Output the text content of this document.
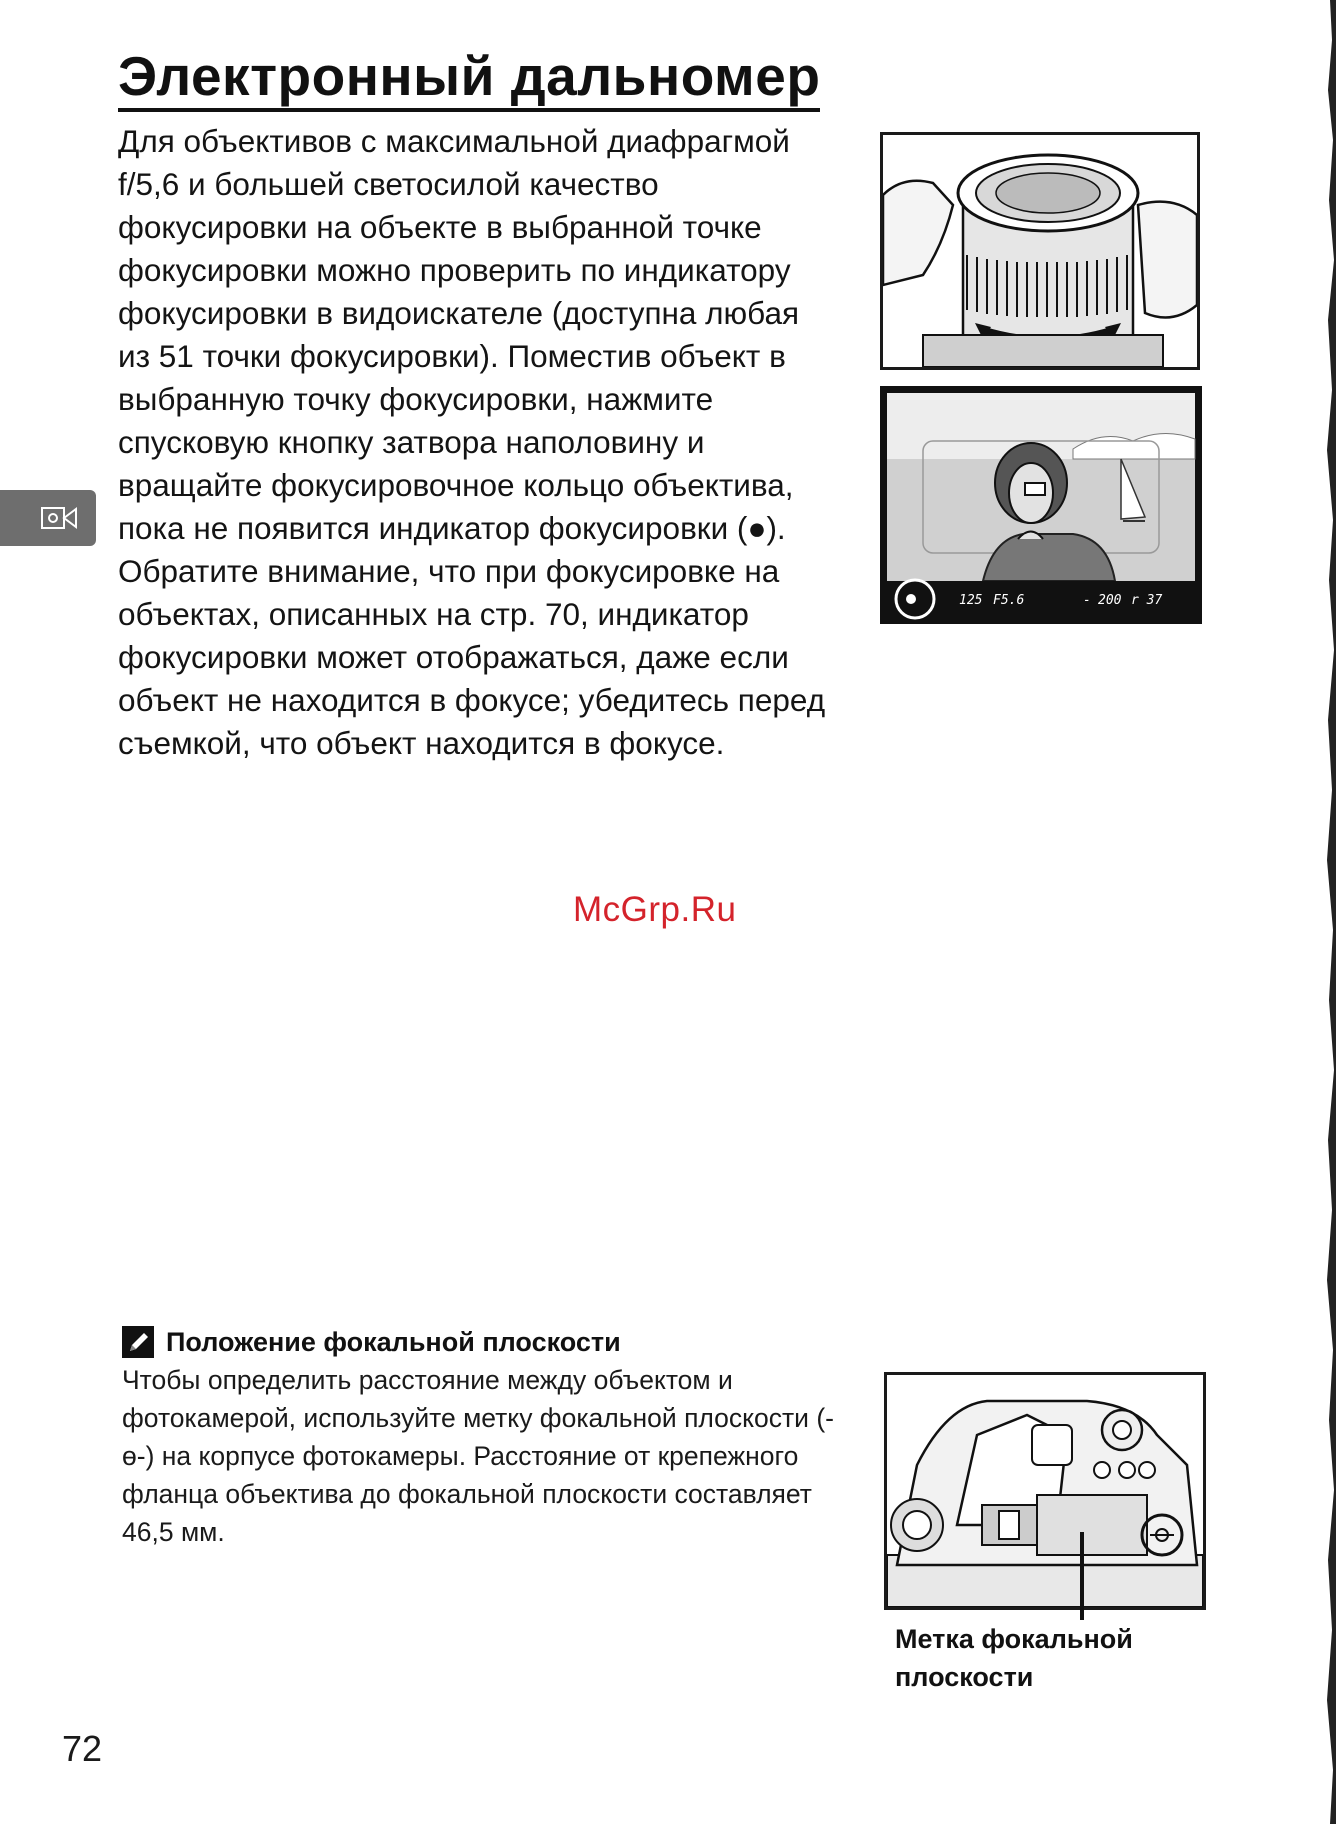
Электронный дальномер

Для объективов с максимальной диафрагмой f/5,6 и большей светосилой качество фокусировки на объекте в выбранной точке фокусировки можно проверить по индикатору фокусировки в видоискателе (доступна любая из 51 точки фокусировки). Поместив объект в выбранную точку фокусировки, нажмите спусковую кнопку затвора наполовину и вращайте фокусировочное кольцо объектива, пока не появится индикатор фокусировки (●). Обратите внимание, что при фокусировке на объектах, описанных на стр. 70, индикатор фокусировки может отображаться, даже если объект не находится в фокусе; убедитесь перед съемкой, что объект находится в фокусе.

125 F5.6	- 200 r 37

McGrp.Ru

Положение фокальной плоскости

Чтобы определить расстояние между объектом и фотокамерой, используйте метку фокальной плоскости (-ө-) на корпусе фотокамеры. Расстояние от крепежного фланца объектива до фокальной плоскости составляет 46,5 мм.

Метка фокальной плоскости

72
